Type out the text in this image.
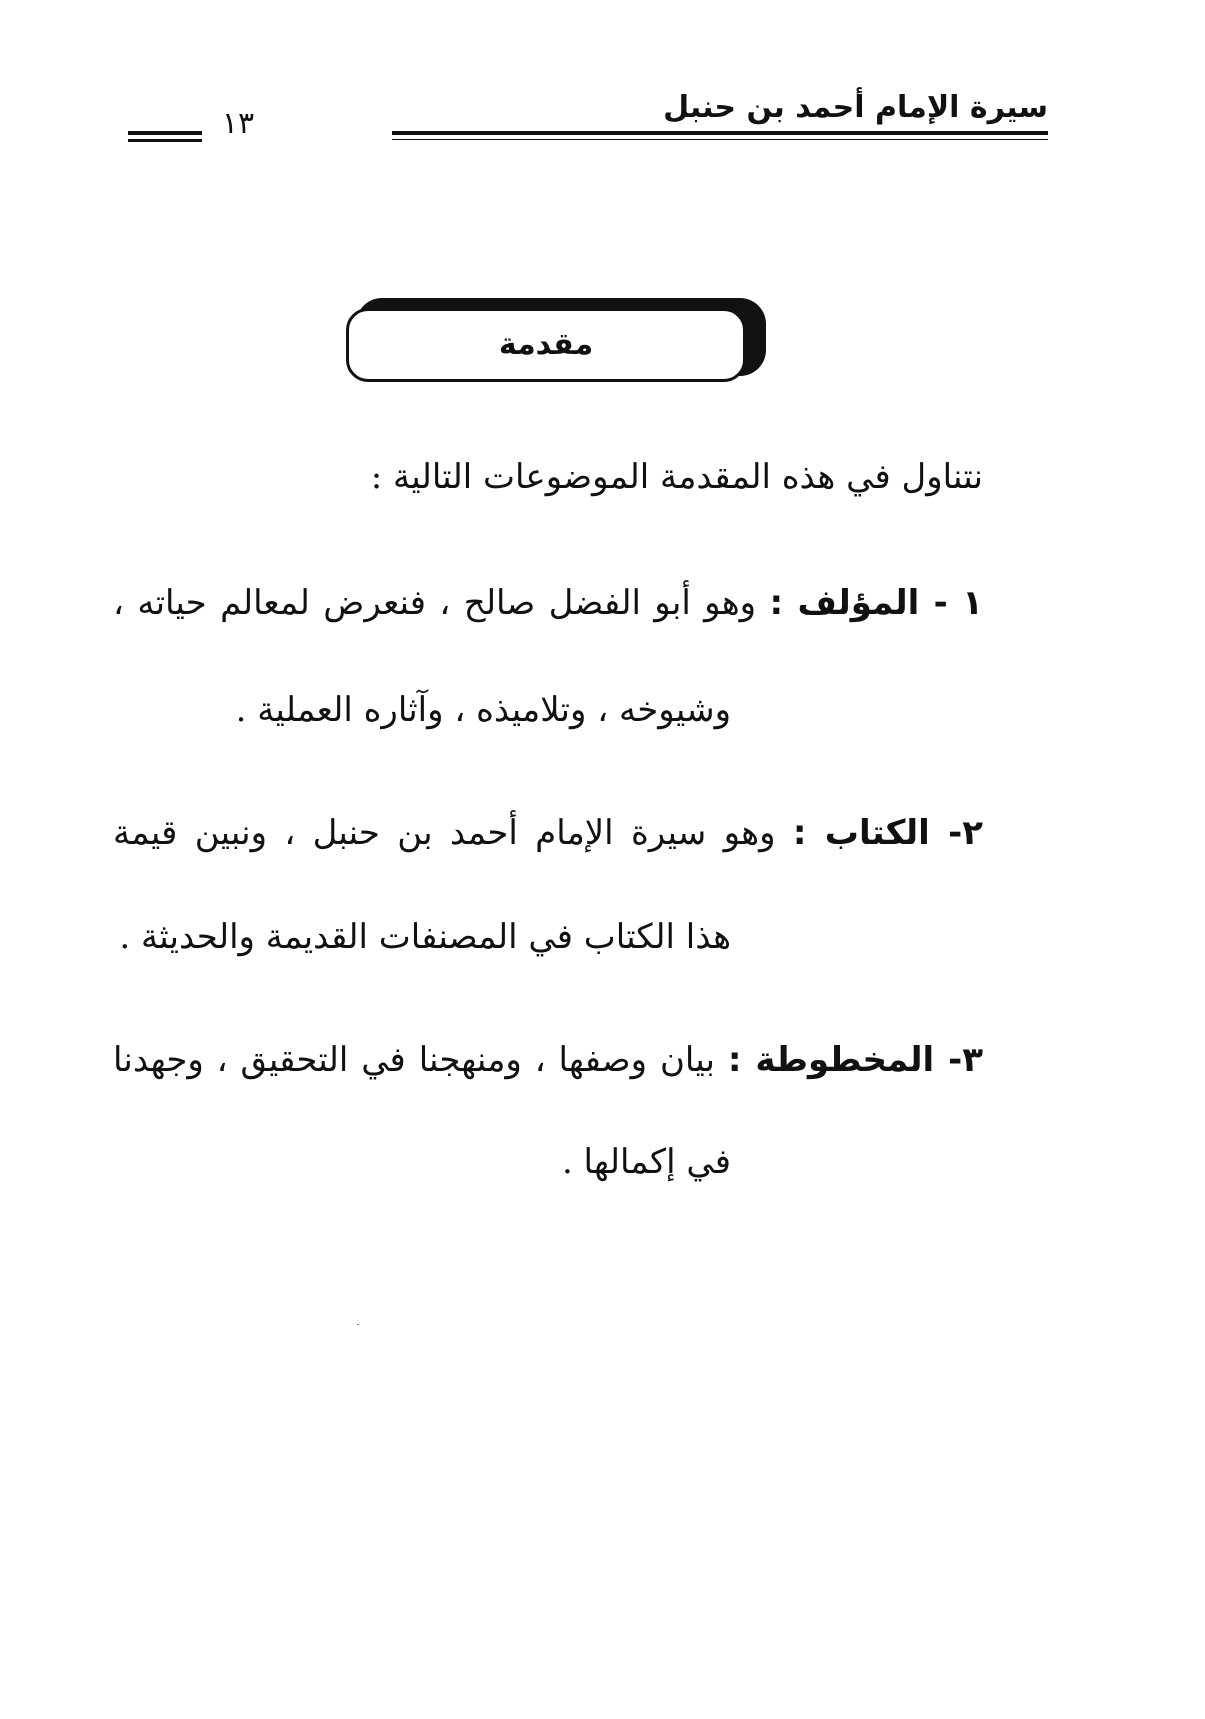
سيرة الإمام أحمد بن حنبل
١٣
مقدمة

نتناول في هذه المقدمة الموضوعات التالية :

١ - المؤلف : وهو أبو الفضل صالح ، فنعرض لمعالم حياته ،
وشيوخه ، وتلاميذه ، وآثاره العملية .
٢- الكتاب : وهو سيرة الإمام أحمد بن حنبل ، ونبين قيمة
هذا الكتاب في المصنفات القديمة والحديثة .
٣- المخطوطة : بيان وصفها ، ومنهجنا في التحقيق ، وجهدنا
في إكمالها .
